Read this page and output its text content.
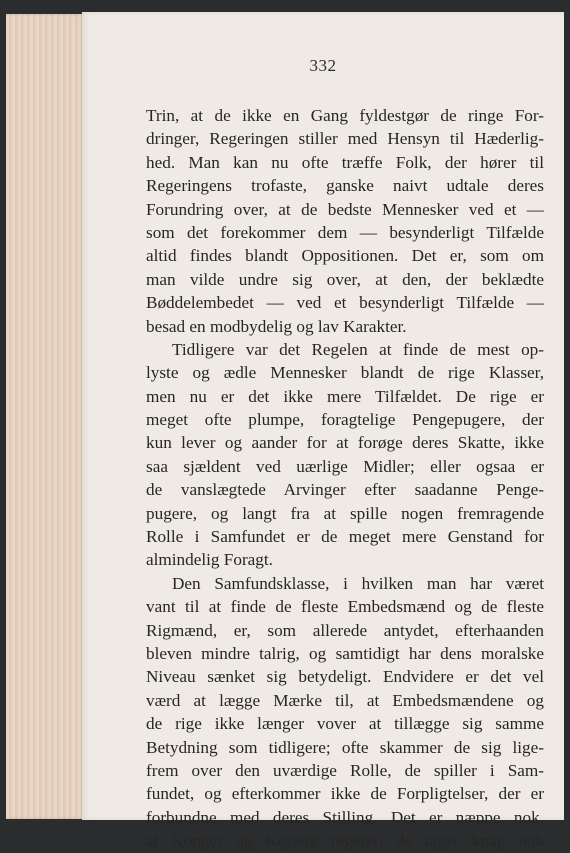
332
Trin, at de ikke en Gang fyldestgør de ringe For-
dringer, Regeringen stiller med Hensyn til Hæderlig-
hed. Man kan nu ofte træffe Folk, der hører til
Regeringens trofaste, ganske naivt udtale deres
Forundring over, at de bedste Mennesker ved et —
som det forekommer dem — besynderligt Tilfælde
altid findes blandt Oppositionen. Det er, som om
man vilde undre sig over, at den, der beklædte
Bøddelembedet — ved et besynderligt Tilfælde —
besad en modbydelig og lav Karakter.
Tidligere var det Regelen at finde de mest op-
lyste og ædle Mennesker blandt de rige Klasser,
men nu er det ikke mere Tilfældet. De rige er
meget ofte plumpe, foragtelige Pengepugere, der
kun lever og aander for at forøge deres Skatte, ikke
saa sjældent ved uærlige Midler; eller ogsaa er
de vanslægtede Arvinger efter saadanne Penge-
pugere, og langt fra at spille nogen fremragende
Rolle i Samfundet er de meget mere Genstand for
almindelig Foragt.
Den Samfundsklasse, i hvilken man har været
vant til at finde de fleste Embedsmænd og de fleste
Rigmænd, er, som allerede antydet, efterhaanden
bleven mindre talrig, og samtidigt har dens moralske
Niveau sænket sig betydeligt. Endvidere er det vel
værd at lægge Mærke til, at Embedsmændene og
de rige ikke længer vover at tillægge sig samme
Betydning som tidligere; ofte skammer de sig lige-
frem over den uværdige Rolle, de spiller i Sam-
fundet, og efterkommer ikke de Forpligtelser, der er
forbundne med deres Stilling. Det er næppe nok,
at Konger og Kejsere regerer, de tager knap nok
